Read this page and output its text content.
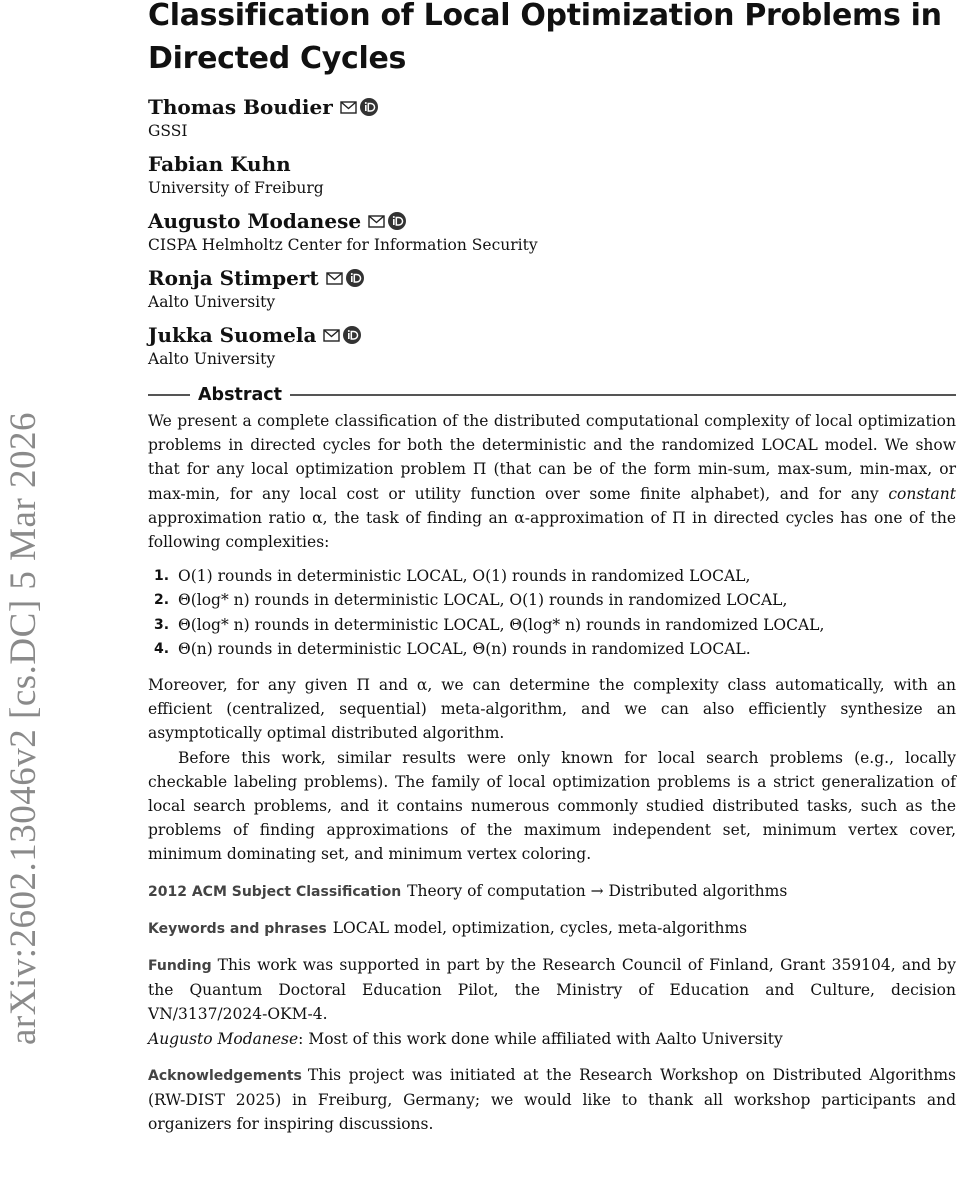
arXiv:2602.13046v2 [cs.DC] 5 Mar 2026
Classification of Local Optimization Problems in Directed Cycles
Thomas Boudier
GSSI
Fabian Kuhn
University of Freiburg
Augusto Modanese
CISPA Helmholtz Center for Information Security
Ronja Stimpert
Aalto University
Jukka Suomela
Aalto University
Abstract

We present a complete classification of the distributed computational complexity of local optimization problems in directed cycles for both the deterministic and the randomized LOCAL model. We show that for any local optimization problem Π (that can be of the form min-sum, max-sum, min-max, or max-min, for any local cost or utility function over some finite alphabet), and for any constant approximation ratio α, the task of finding an α-approximation of Π in directed cycles has one of the following complexities:

1. O(1) rounds in deterministic LOCAL, O(1) rounds in randomized LOCAL,
2. Θ(log* n) rounds in deterministic LOCAL, O(1) rounds in randomized LOCAL,
3. Θ(log* n) rounds in deterministic LOCAL, Θ(log* n) rounds in randomized LOCAL,
4. Θ(n) rounds in deterministic LOCAL, Θ(n) rounds in randomized LOCAL.

Moreover, for any given Π and α, we can determine the complexity class automatically, with an efficient (centralized, sequential) meta-algorithm, and we can also efficiently synthesize an asymptotically optimal distributed algorithm.

Before this work, similar results were only known for local search problems (e.g., locally checkable labeling problems). The family of local optimization problems is a strict generalization of local search problems, and it contains numerous commonly studied distributed tasks, such as the problems of finding approximations of the maximum independent set, minimum vertex cover, minimum dominating set, and minimum vertex coloring.

2012 ACM Subject Classification Theory of computation → Distributed algorithms
Keywords and phrases LOCAL model, optimization, cycles, meta-algorithms
Funding This work was supported in part by the Research Council of Finland, Grant 359104, and by the Quantum Doctoral Education Pilot, the Ministry of Education and Culture, decision VN/3137/2024-OKM-4.
Augusto Modanese: Most of this work done while affiliated with Aalto University
Acknowledgements This project was initiated at the Research Workshop on Distributed Algorithms (RW-DIST 2025) in Freiburg, Germany; we would like to thank all workshop participants and organizers for inspiring discussions.
